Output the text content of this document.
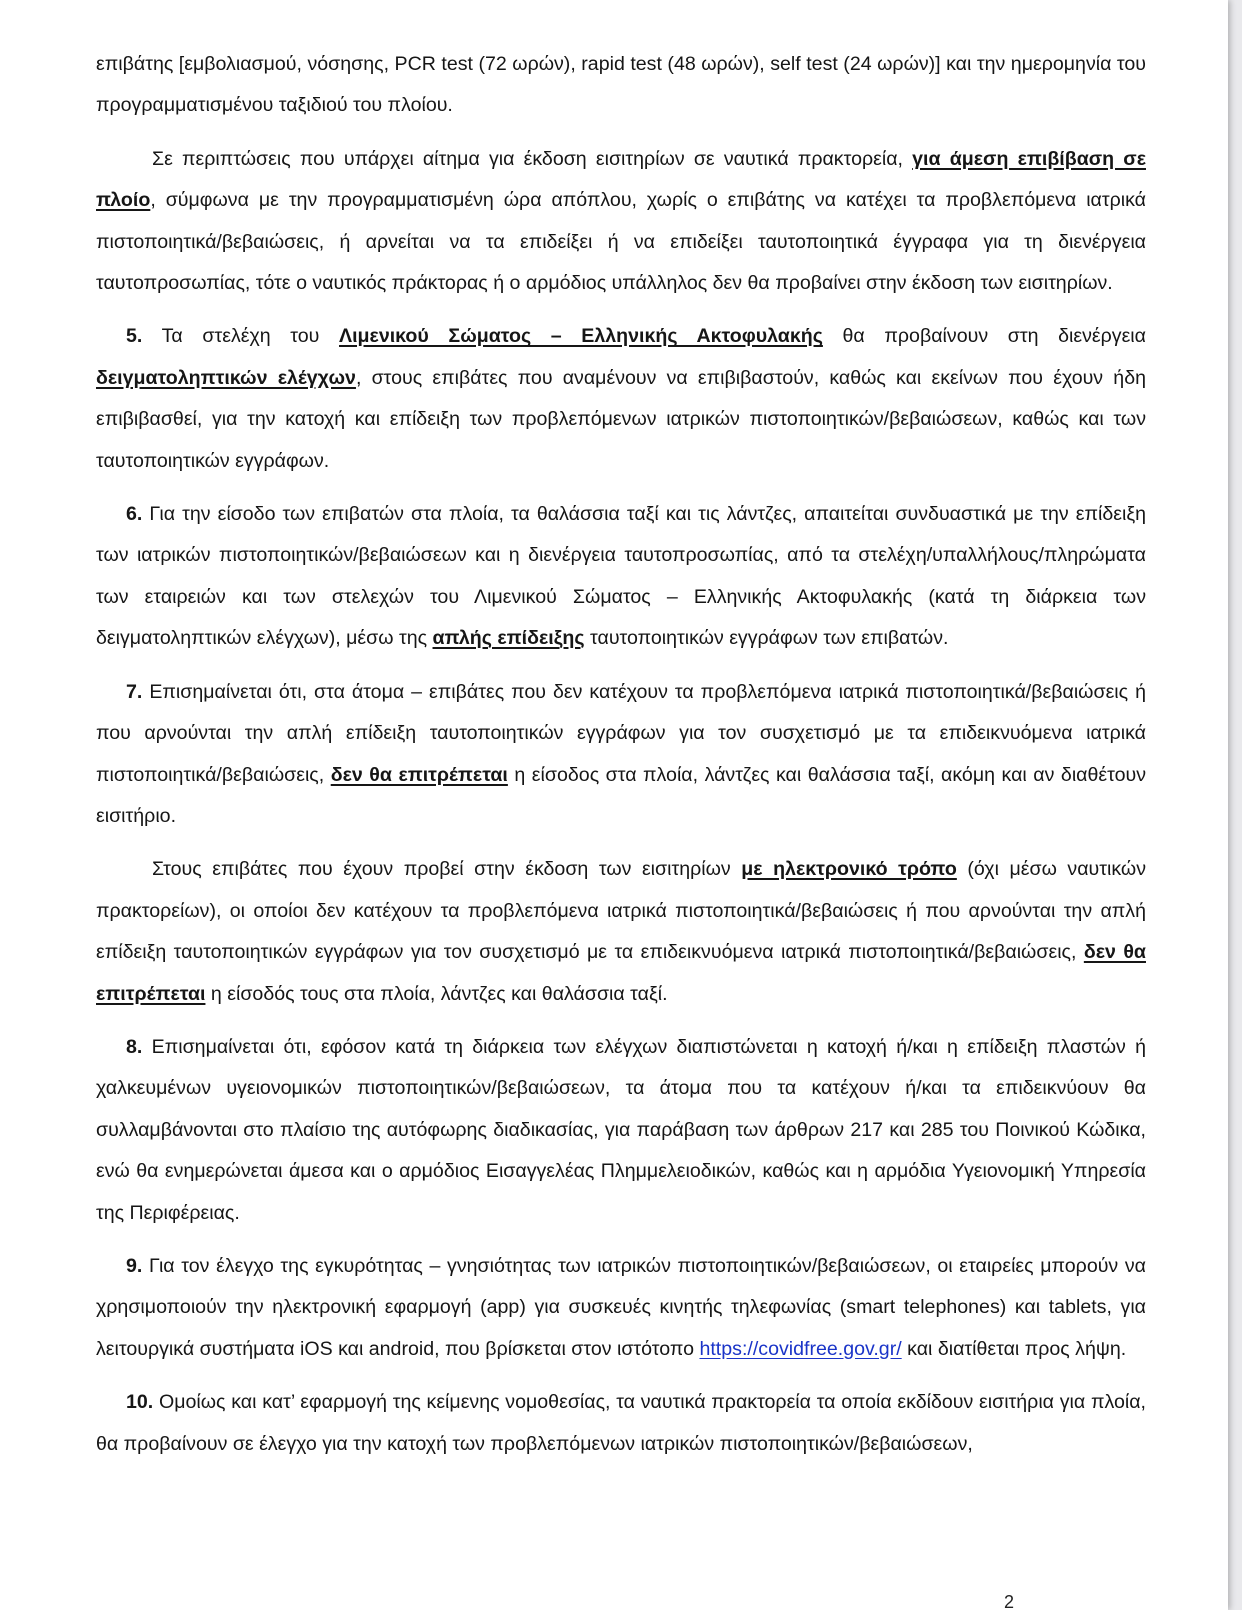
επιβάτης [εμβολιασμού, νόσησης, PCR test (72 ωρών), rapid test (48 ωρών), self test (24 ωρών)] και την ημερομηνία του προγραμματισμένου ταξιδιού του πλοίου.

Σε περιπτώσεις που υπάρχει αίτημα για έκδοση εισιτηρίων σε ναυτικά πρακτορεία, για άμεση επιβίβαση σε πλοίο, σύμφωνα με την προγραμματισμένη ώρα απόπλου, χωρίς ο επιβάτης να κατέχει τα προβλεπόμενα ιατρικά πιστοποιητικά/βεβαιώσεις, ή αρνείται να τα επιδείξει ή να επιδείξει ταυτοποιητικά έγγραφα για τη διενέργεια ταυτοπροσωπίας, τότε ο ναυτικός πράκτορας ή ο αρμόδιος υπάλληλος δεν θα προβαίνει στην έκδοση των εισιτηρίων.

5. Τα στελέχη του Λιμενικού Σώματος – Ελληνικής Ακτοφυλακής θα προβαίνουν στη διενέργεια δειγματοληπτικών ελέγχων, στους επιβάτες που αναμένουν να επιβιβαστούν, καθώς και εκείνων που έχουν ήδη επιβιβασθεί, για την κατοχή και επίδειξη των προβλεπόμενων ιατρικών πιστοποιητικών/βεβαιώσεων, καθώς και των ταυτοποιητικών εγγράφων.

6. Για την είσοδο των επιβατών στα πλοία, τα θαλάσσια ταξί και τις λάντζες, απαιτείται συνδυαστικά με την επίδειξη των ιατρικών πιστοποιητικών/βεβαιώσεων και η διενέργεια ταυτοπροσωπίας, από τα στελέχη/υπαλλήλους/πληρώματα των εταιρειών και των στελεχών του Λιμενικού Σώματος – Ελληνικής Ακτοφυλακής (κατά τη διάρκεια των δειγματοληπτικών ελέγχων), μέσω της απλής επίδειξης ταυτοποιητικών εγγράφων των επιβατών.

7. Επισημαίνεται ότι, στα άτομα – επιβάτες που δεν κατέχουν τα προβλεπόμενα ιατρικά πιστοποιητικά/βεβαιώσεις ή που αρνούνται την απλή επίδειξη ταυτοποιητικών εγγράφων για τον συσχετισμό με τα επιδεικνυόμενα ιατρικά πιστοποιητικά/βεβαιώσεις, δεν θα επιτρέπεται η είσοδος στα πλοία, λάντζες και θαλάσσια ταξί, ακόμη και αν διαθέτουν εισιτήριο.

Στους επιβάτες που έχουν προβεί στην έκδοση των εισιτηρίων με ηλεκτρονικό τρόπο (όχι μέσω ναυτικών πρακτορείων), οι οποίοι δεν κατέχουν τα προβλεπόμενα ιατρικά πιστοποιητικά/βεβαιώσεις ή που αρνούνται την απλή επίδειξη ταυτοποιητικών εγγράφων για τον συσχετισμό με τα επιδεικνυόμενα ιατρικά πιστοποιητικά/βεβαιώσεις, δεν θα επιτρέπεται η είσοδός τους στα πλοία, λάντζες και θαλάσσια ταξί.

8. Επισημαίνεται ότι, εφόσον κατά τη διάρκεια των ελέγχων διαπιστώνεται η κατοχή ή/και η επίδειξη πλαστών ή χαλκευμένων υγειονομικών πιστοποιητικών/βεβαιώσεων, τα άτομα που τα κατέχουν ή/και τα επιδεικνύουν θα συλλαμβάνονται στο πλαίσιο της αυτόφωρης διαδικασίας, για παράβαση των άρθρων 217 και 285 του Ποινικού Κώδικα, ενώ θα ενημερώνεται άμεσα και ο αρμόδιος Εισαγγελέας Πλημμελειοδικών, καθώς και η αρμόδια Υγειονομική Υπηρεσία της Περιφέρειας.

9. Για τον έλεγχο της εγκυρότητας – γνησιότητας των ιατρικών πιστοποιητικών/βεβαιώσεων, οι εταιρείες μπορούν να χρησιμοποιούν την ηλεκτρονική εφαρμογή (app) για συσκευές κινητής τηλεφωνίας (smart telephones) και tablets, για λειτουργικά συστήματα iOS και android, που βρίσκεται στον ιστότοπο https://covidfree.gov.gr/ και διατίθεται προς λήψη.

10. Ομοίως και κατ’ εφαρμογή της κείμενης νομοθεσίας, τα ναυτικά πρακτορεία τα οποία εκδίδουν εισιτήρια για πλοία, θα προβαίνουν σε έλεγχο για την κατοχή των προβλεπόμενων ιατρικών πιστοποιητικών/βεβαιώσεων,

2
